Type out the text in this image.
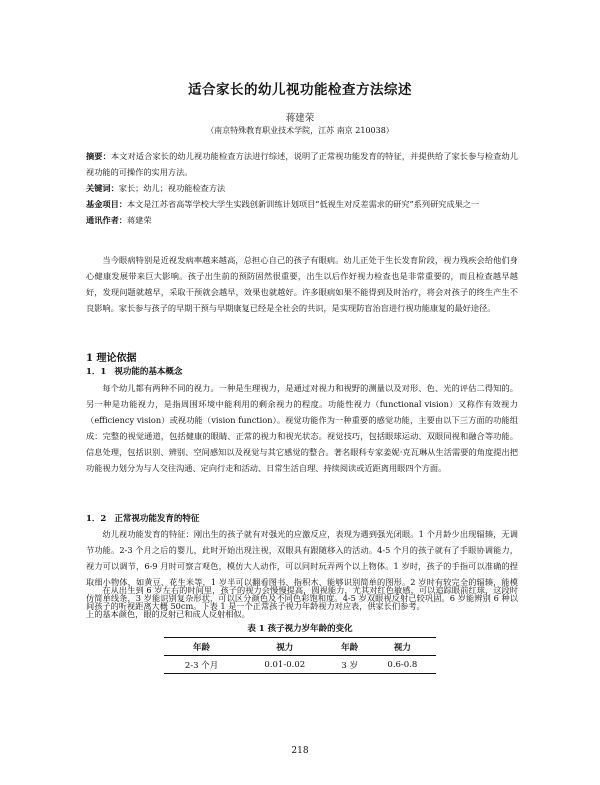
适合家长的幼儿视功能检查方法综述
蒋建荣
（南京特殊教育职业技术学院，江苏 南京 210038）
摘要：本文对适合家长的幼儿视功能检查方法进行综述，说明了正常视功能发育的特征，并提供给了家长参与检查幼儿视功能的可操作的实用方法。
关键词：家长；幼儿；视功能检查方法
基金项目：本文是江苏省高等学校大学生实践创新训练计划项目“低视生对反差需求的研究”系列研究成果之一
通讯作者：蒋建荣
当今眼病特别是近视发病率越来越高，总担心自己的孩子有眼病。幼儿正处于生长发育阶段，视力残疾会给他们身心健康发展带来巨大影响。孩子出生前的预防固然很重要，出生以后作好视力检查也是非常重要的，而且检查越早越好，发现问题就越早，采取干预就会越早，效果也就越好。许多眼病如果不能得到及时治疗，将会对孩子的终生产生不良影响。家长参与孩子的早期干预与早期康复已经是全社会的共识，是实现防盲治盲进行视功能康复的最好途径。
1 理论依据
1．1 视功能的基本概念
每个幼儿都有两种不同的视力。一种是生理视力，是通过对视力和视野的测量以及对形、色、光的评估二得知的。另一种是功能视力，是指周围环境中能利用的剩余视力的程度。功能性视力（functional vision）又称作有效视力（efficiency vision）或视功能（vision function）。视觉功能作为一种重要的感觉功能，主要由以下三方面的功能组成：完整的视觉通道，包括健康的眼睛、正常的视力和视光状态。视觉技巧，包括眼球运动、双眼同视和融合等功能。信息处理，包括识别、辨别、空间感知以及视觉与其它感觉的整合。著名眼科专家姜妮·克瓦琳从生活需要的角度提出把功能视力划分为与人交往沟通、定向行走和活动、日常生活自理、持续阅读或近距离用眼四个方面。
1．2 正常视功能发育的特征
幼儿视功能发育的特征：刚出生的孩子就有对强光的应激反应，表现为遇到强光闭眼。1 个月龄少出现辐辏，无调节功能。2-3 个月之后的婴儿，此时开始出现注视，双眼具有跟随移入的活动。4-5 个月的孩子就有了手眼协调能力，视力可以调节，6-9 月时可察言观色，模仿大人动作，可以同时玩弄两个以上物体。1 岁时，孩子的手指可以准确的捏取细小物体，如黄豆、花生米等，1 岁半可以翻看图书、指积木、能够识别简单的图形。2 岁时有较完全的辐辏，能模仿简单线条，3 岁能识别复杂形状，可以区分颜色及不同色彩饱和度。4-5 岁双眼视反射已较巩固。6 岁能辨别 6 种以上的基本颜色，眼的反射已和成人反射相似。
在从出生到 6 岁左右的时间里，孩子的视力会慢慢提高，圆视能力，尤其对红色敏感，可以追踪眼前红球，这段时间孩子的听视距离大概 50cm。下表 1 是一个正常孩子视力年龄视力对应表，供家长们参考。
表 1 孩子视力岁年龄的变化
年龄	视力	年龄	视力
2-3 个月	0.01-0.02	3 岁	0.6-0.8
218
